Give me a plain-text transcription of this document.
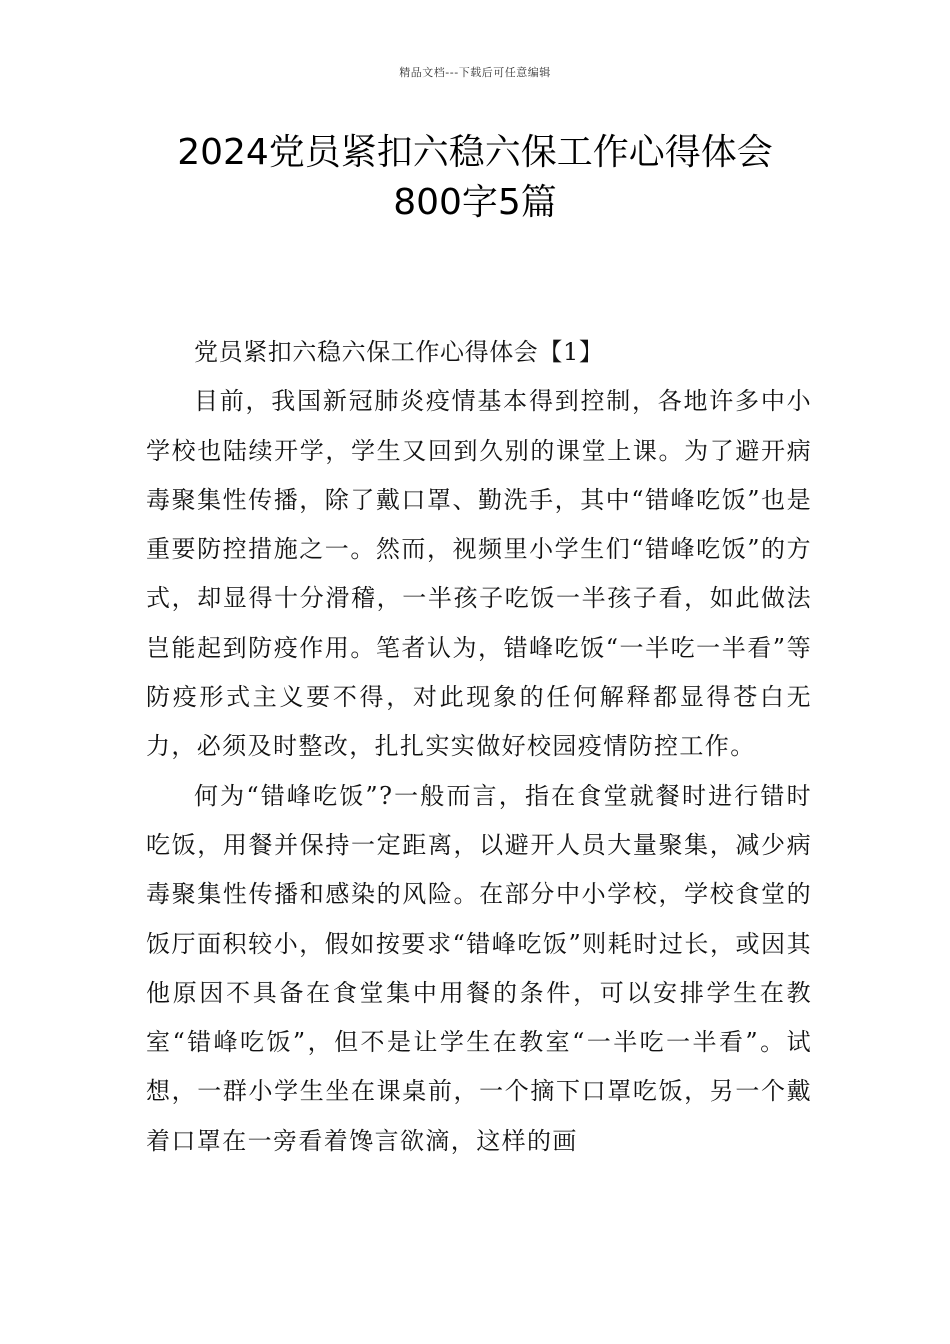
精品文档---下载后可任意编辑
2024党员紧扣六稳六保工作心得体会
800字5篇

党员紧扣六稳六保工作心得体会【1】

目前，我国新冠肺炎疫情基本得到控制，各地许多中小学校也陆续开学，学生又回到久别的课堂上课。为了避开病毒聚集性传播，除了戴口罩、勤洗手，其中“错峰吃饭”也是重要防控措施之一。然而，视频里小学生们“错峰吃饭”的方式，却显得十分滑稽，一半孩子吃饭一半孩子看，如此做法岂能起到防疫作用。笔者认为，错峰吃饭“一半吃一半看”等防疫形式主义要不得，对此现象的任何解释都显得苍白无力，必须及时整改，扎扎实实做好校园疫情防控工作。

何为“错峰吃饭”?一般而言，指在食堂就餐时进行错时吃饭，用餐并保持一定距离，以避开人员大量聚集，减少病毒聚集性传播和感染的风险。在部分中小学校，学校食堂的饭厅面积较小，假如按要求“错峰吃饭”则耗时过长，或因其他原因不具备在食堂集中用餐的条件，可以安排学生在教室“错峰吃饭”，但不是让学生在教室“一半吃一半看”。试想，一群小学生坐在课桌前，一个摘下口罩吃饭，另一个戴着口罩在一旁看着馋言欲滴，这样的画
